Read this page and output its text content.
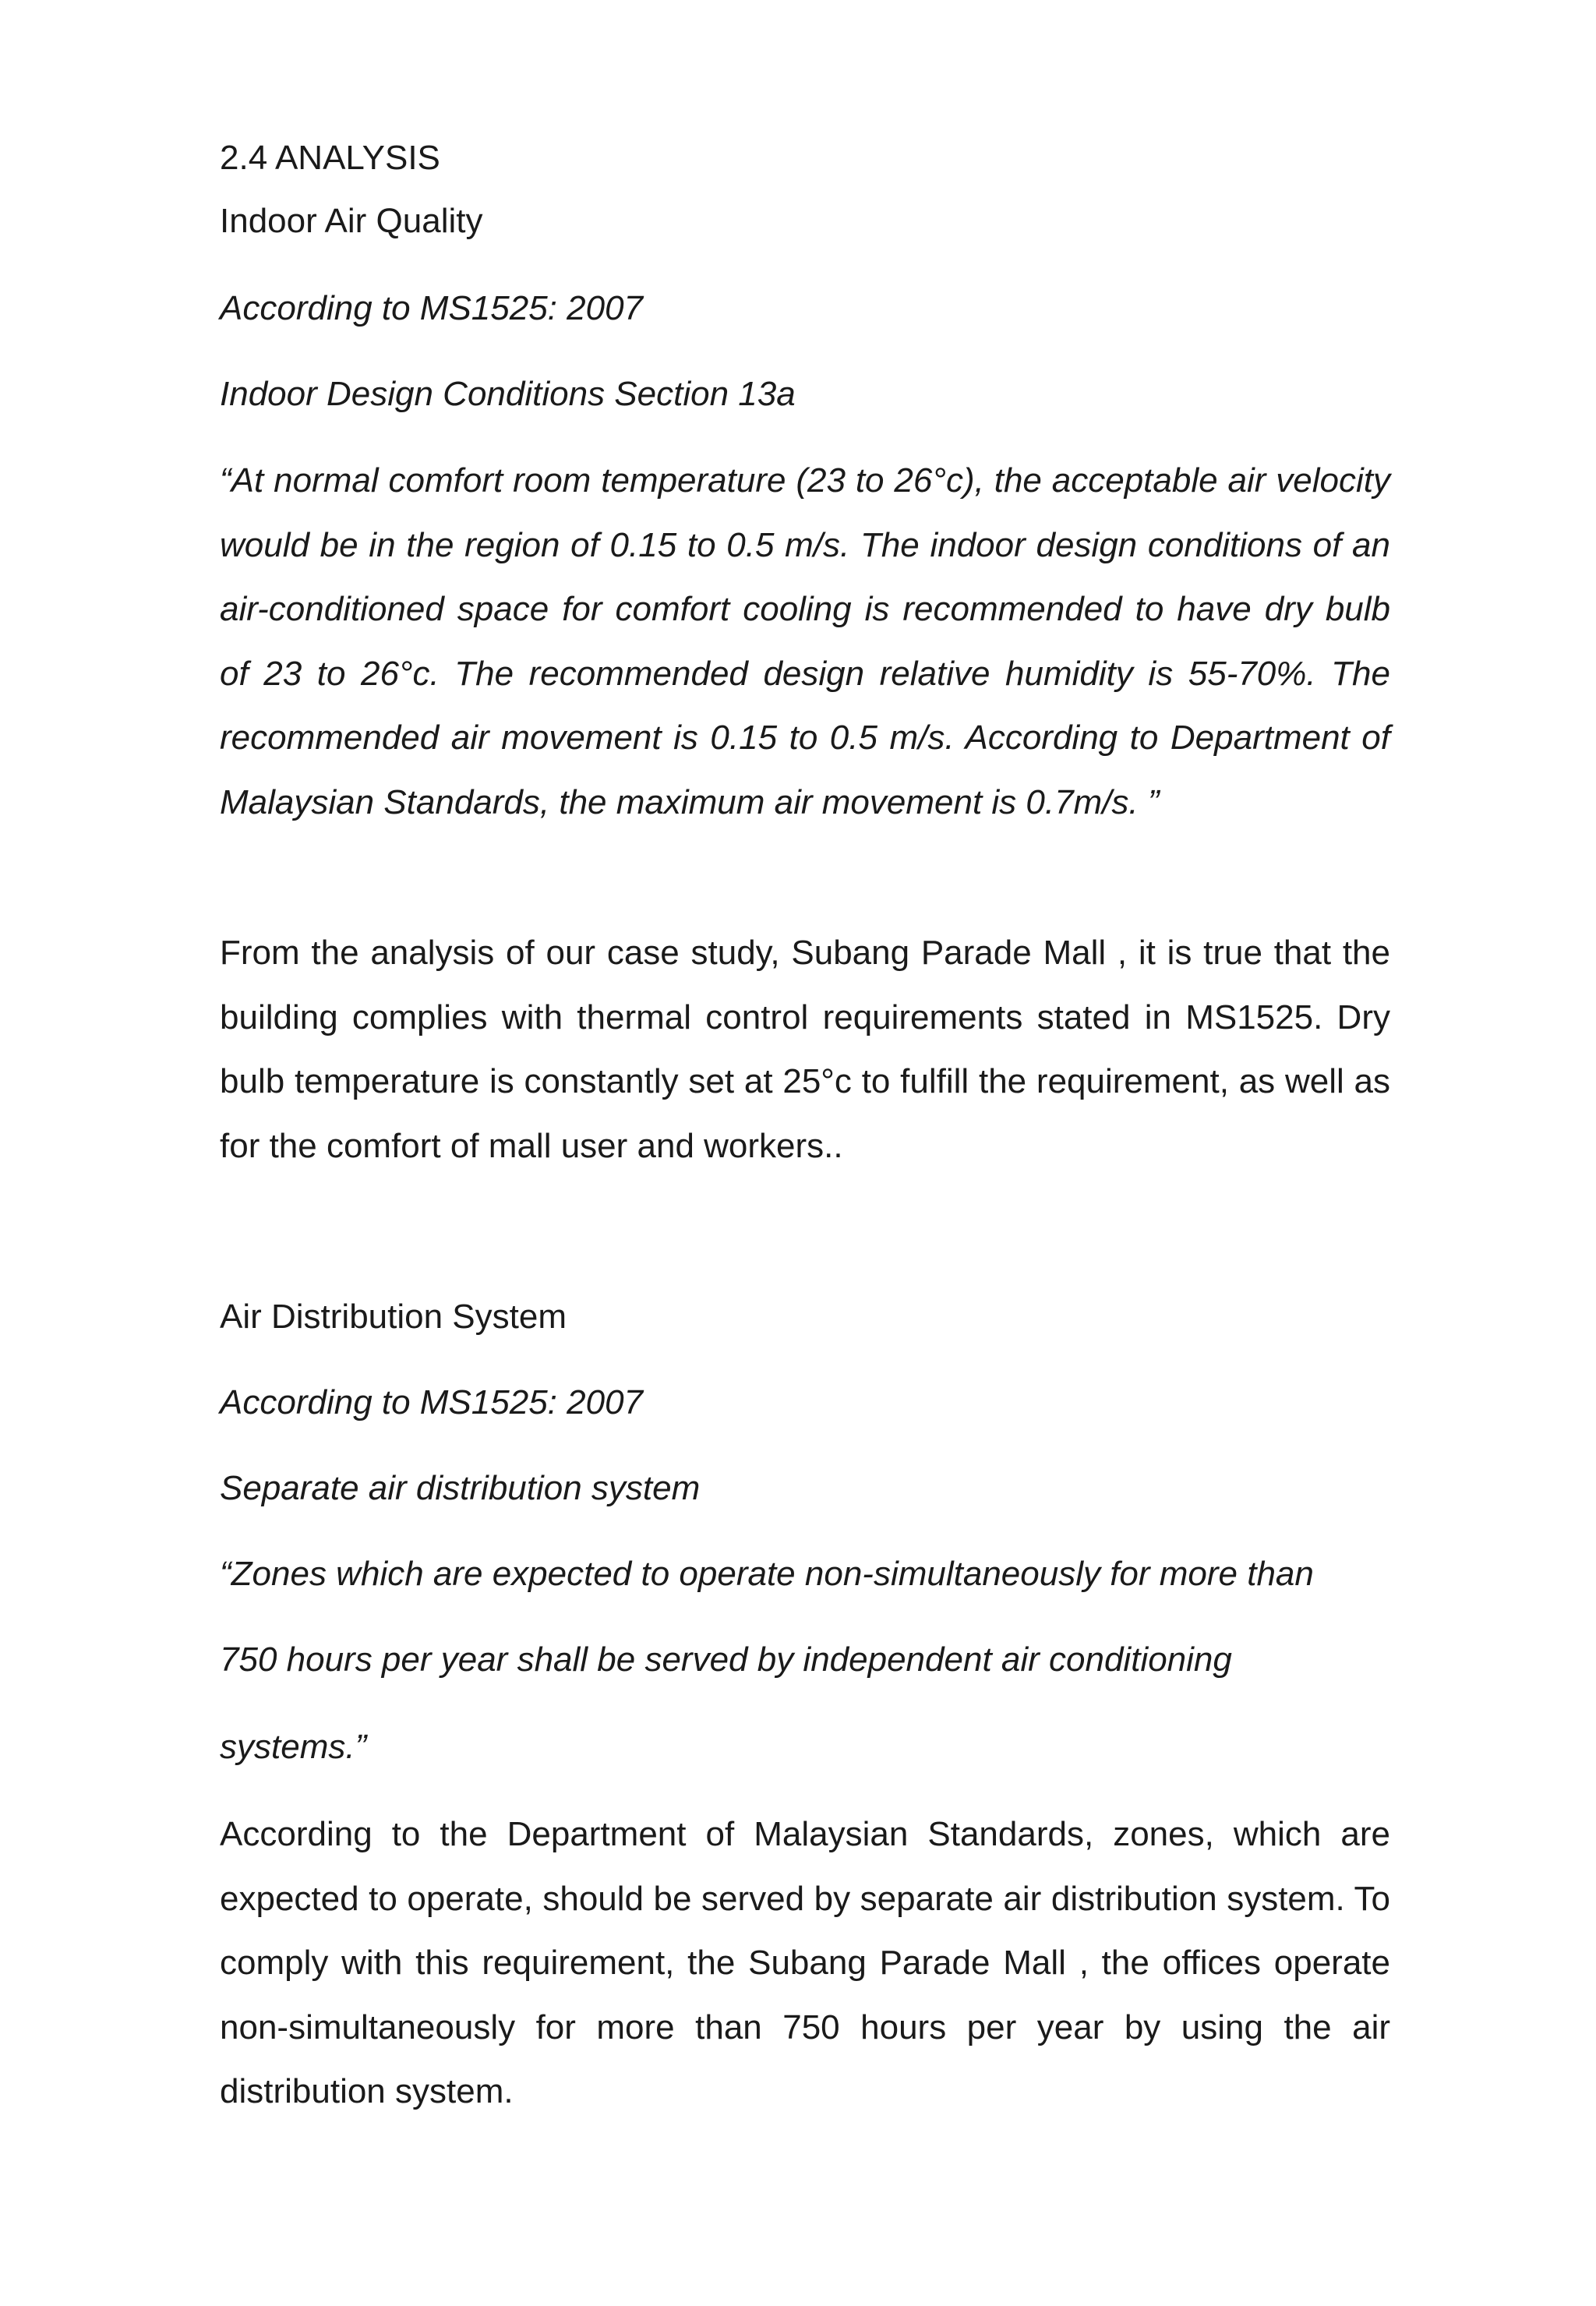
2.4 ANALYSIS

Indoor Air Quality

According to MS1525: 2007

Indoor Design Conditions Section 13a

“At normal comfort room temperature (23 to 26°c), the acceptable air velocity would be in the region of 0.15 to 0.5 m/s. The indoor design conditions of an air-conditioned space for comfort cooling is recommended to have dry bulb of 23 to 26°c. The recommended design relative humidity is 55-70%. The recommended air movement is 0.15 to 0.5 m/s. According to Department of Malaysian Standards, the maximum air movement is 0.7m/s. ”

From the analysis of our case study, Subang Parade Mall , it is true that the building complies with thermal control requirements stated in MS1525. Dry bulb temperature is constantly set at 25°c to fulfill the requirement, as well as for the comfort of mall user and workers..

Air Distribution System

According to MS1525: 2007

Separate air distribution system

“Zones which are expected to operate non-simultaneously for more than

750 hours per year shall be served by independent air conditioning

systems.”

According to the Department of Malaysian Standards, zones, which are expected to operate, should be served by separate air distribution system. To comply with this requirement, the Subang Parade Mall , the offices operate non-simultaneously for more than 750 hours per year by using the air distribution system.
